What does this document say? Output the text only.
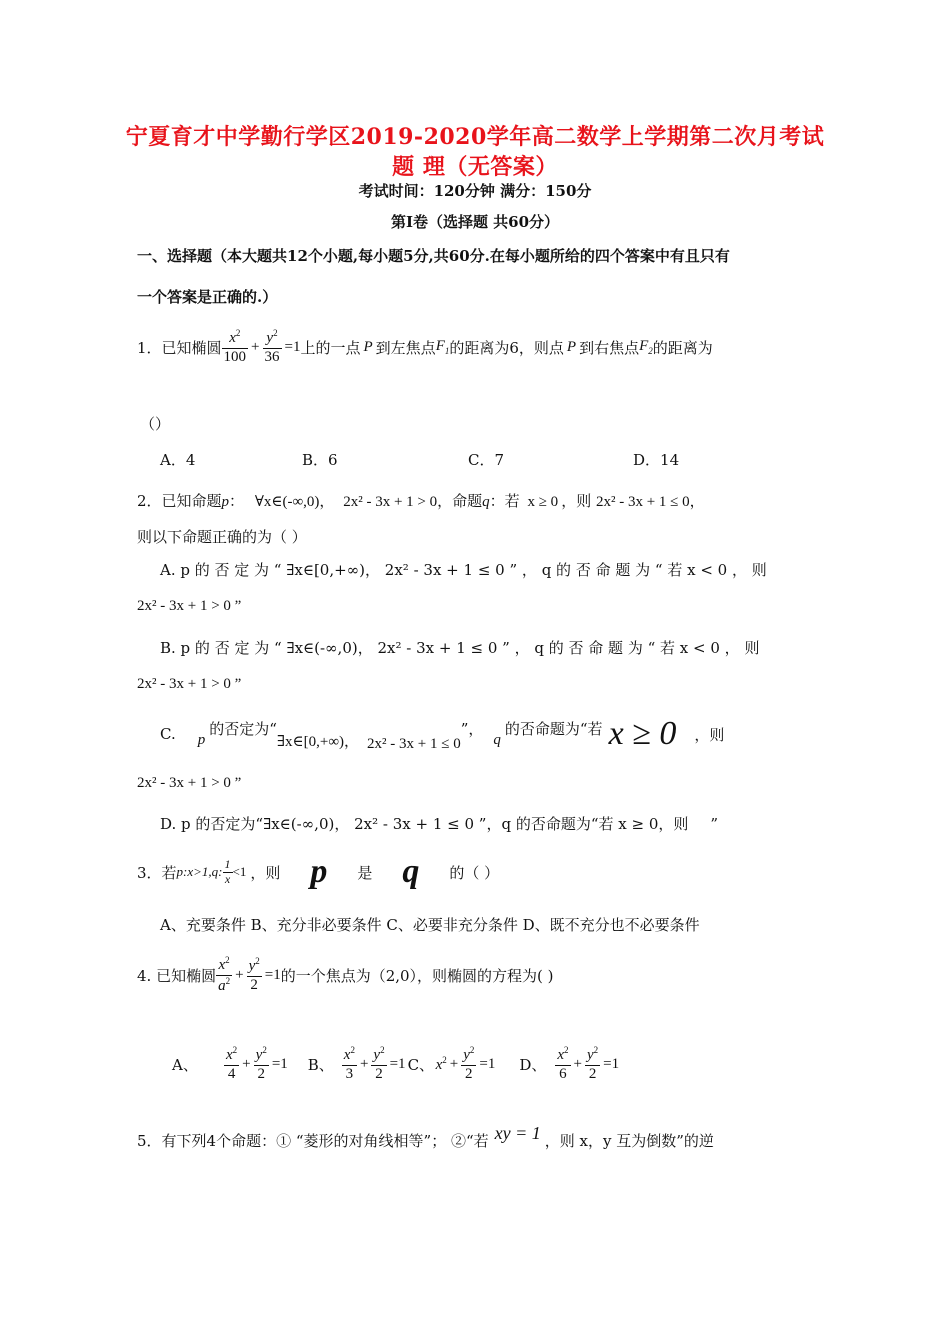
宁夏育才中学勤行学区2019-2020学年高二数学上学期第二次月考试
题 理（无答案）
考试时间：120分钟 满分：150分
第Ⅰ卷（选择题 共60分）
一、选择题（本大题共12个小题,每小题5分,共60分.在每小题所给的四个答案中有且只有
一个答案是正确的.）
1．已知椭圆 $\frac{x^2}{100} + \frac{y^2}{36} =1$ 上的一点 P 到左焦点 $F_1$ 的距离为6，则点 P 到右焦点 $F_2$ 的距离为
（）
A．4	B．6	C．7	D．14
2．已知命题p： ∀x∈(-∞,0)， 2x² - 3x + 1 > 0，命题q：若 x ≥ 0 ，则 2x² - 3x + 1 ≤ 0，
则以下命题正确的为（ ）
A. p 的 否 定 为 “ ∃x∈[0,+∞)， 2x² - 3x + 1 ≤ 0 ” ， q 的 否 命 题 为 “ 若 x < 0 ， 则
2x² - 3x + 1 > 0 ”
B. p 的 否 定 为 “ ∃x∈(-∞,0)， 2x² - 3x + 1 ≤ 0 ” ， q 的 否 命 题 为 “ 若 x < 0 ， 则
2x² - 3x + 1 > 0 ”
C. p
的否定为“
∃x∈[0,+∞)， 2x² - 3x + 1 ≤ 0
”，
q
的否命题为“若 x ≥ 0 ，则
2x² - 3x + 1 > 0 ”
D. p 的否定为“∃x∈(-∞,0)， 2x² - 3x + 1 ≤ 0 ”，q 的否命题为“若 x ≥ 0，则 ”
3．若 p:x>1,q: $\frac{1}{x} <1$ ，则 p 是 q 的（ ）
A、充要条件 B、充分非必要条件 C、必要非充分条件 D、既不充分也不必要条件
4. 已知椭圆 $\frac{x^2}{a^2} + \frac{y^2}{2} =1$ 的一个焦点为（2,0），则椭圆的方程为( )
A、	$\frac{x^2}{4} + \frac{y^2}{2} =1$ B、 $\frac{x^2}{3} + \frac{y^2}{2} =1$ C、 $x^2 + \frac{y^2}{2} =1$ D、 $\frac{x^2}{6} + \frac{y^2}{2} =1$
5．有下列4个命题：① “菱形的对角线相等”； ②“若 xy = 1 ，则 x，y 互为倒数”的逆
